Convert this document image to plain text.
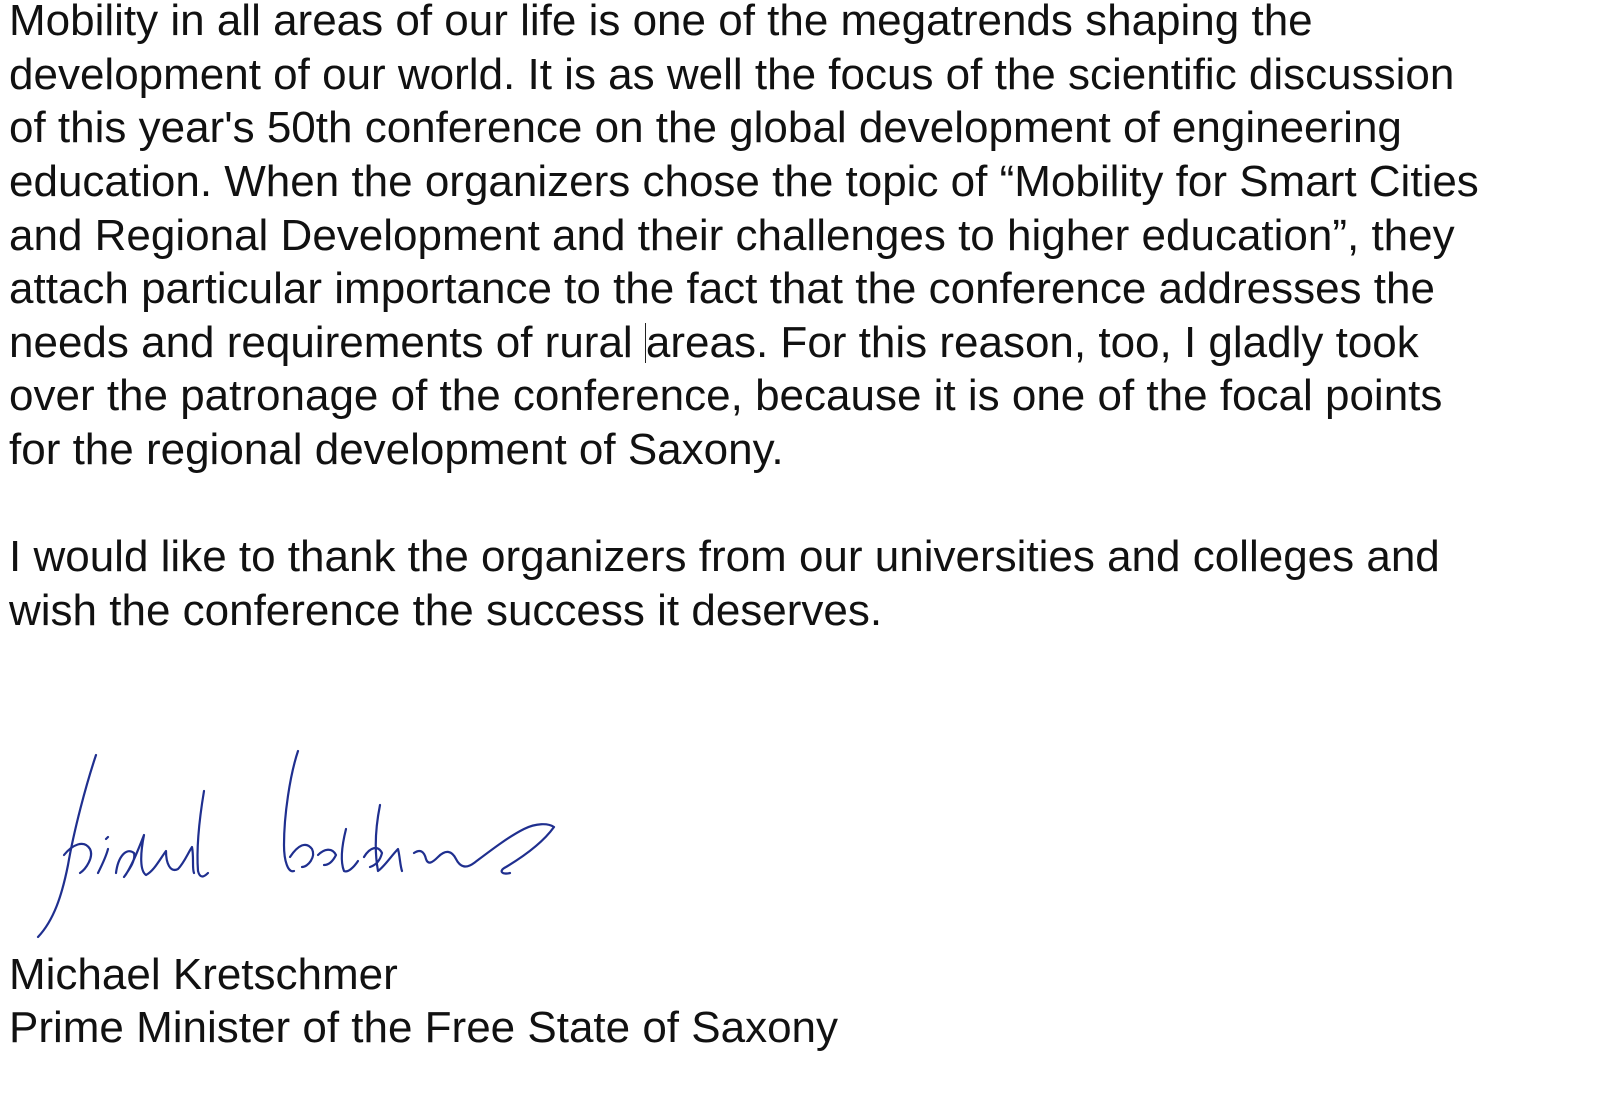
Mobility in all areas of our life is one of the megatrends shaping the
development of our world. It is as well the focus of the scientific discussion
of this year's 50th conference on the global development of engineering
education. When the organizers chose the topic of “Mobility for Smart Cities
and Regional Development and their challenges to higher education”, they
attach particular importance to the fact that the conference addresses the
needs and requirements of rural areas. For this reason, too, I gladly took
over the patronage of the conference, because it is one of the focal points
for the regional development of Saxony.
I would like to thank the organizers from our universities and colleges and
wish the conference the success it deserves.
Michael Kretschmer
Prime Minister of the Free State of Saxony
